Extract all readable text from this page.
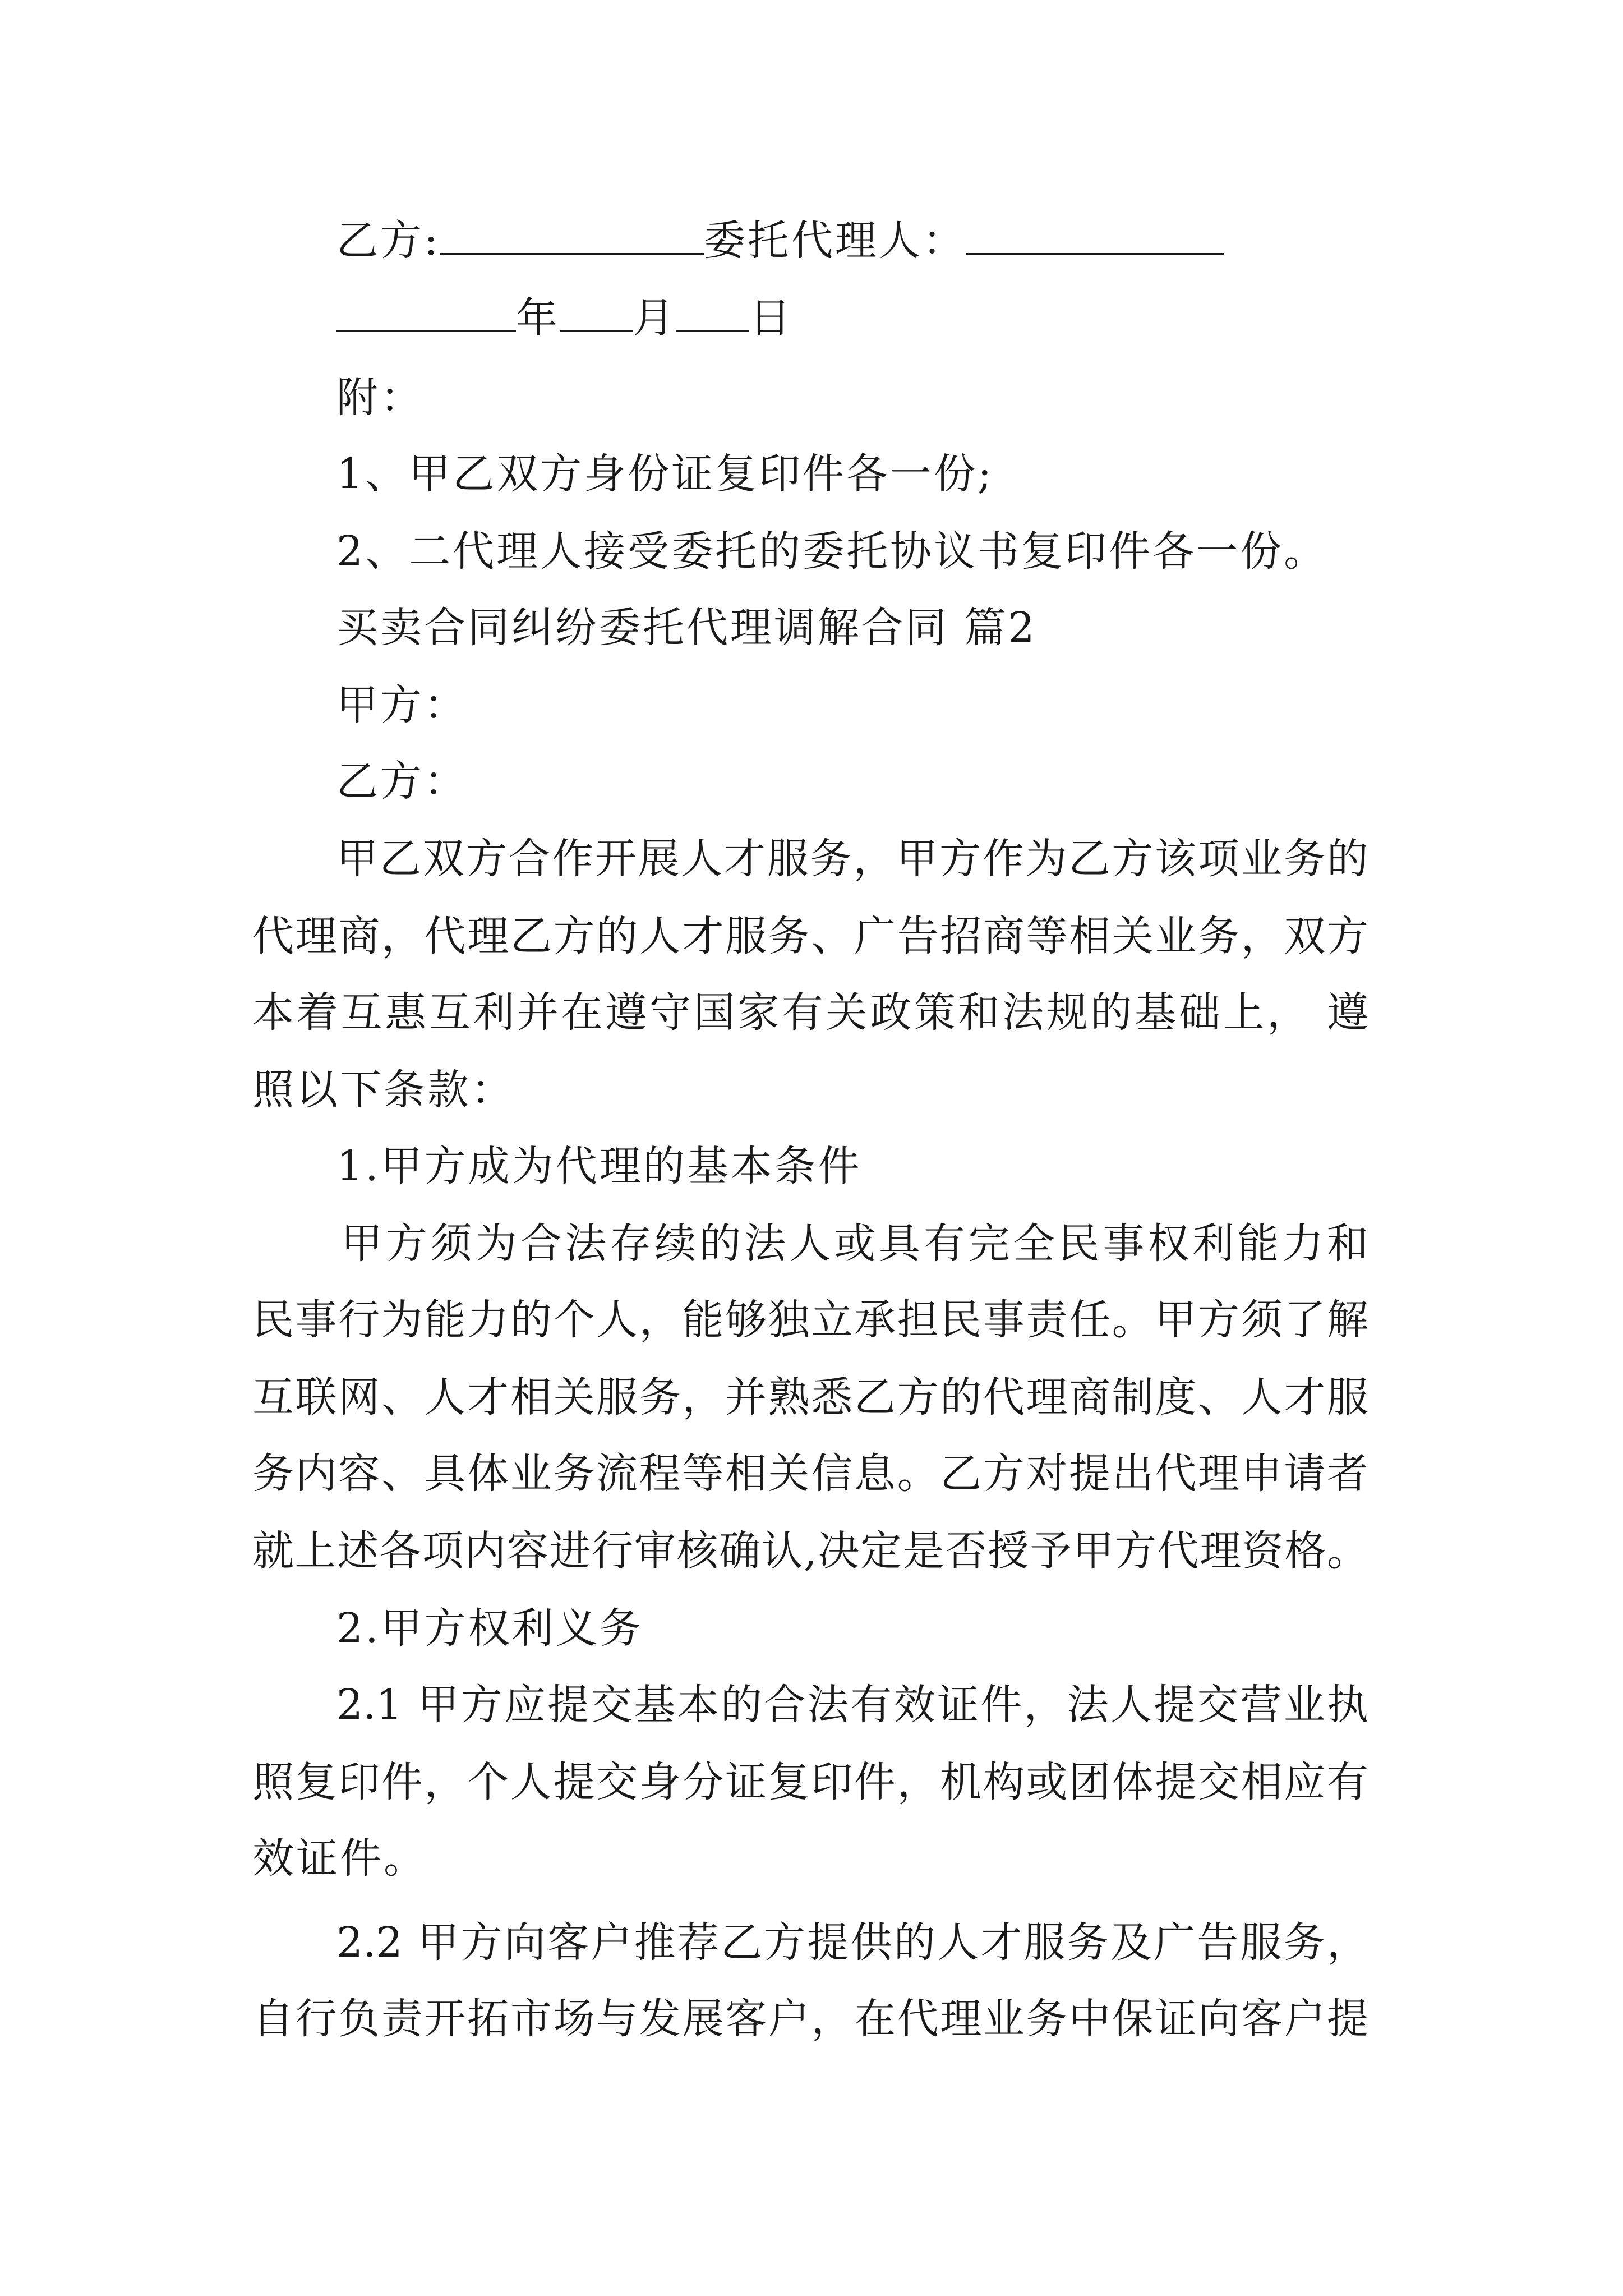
乙方:	委托代理人：
年 月 日
附：
1、甲乙双方身份证复印件各一份;
2、二代理人接受委托的委托协议书复印件各一份。
买卖合同纠纷委托代理调解合同 篇2
甲方：
乙方：
甲乙双方合作开展人才服务，甲方作为乙方该项业务的
代理商，代理乙方的人才服务、广告招商等相关业务，双方
本着互惠互利并在遵守国家有关政策和法规的基础上， 遵
照以下条款：
1.甲方成为代理的基本条件
甲方须为合法存续的法人或具有完全民事权利能力和
民事行为能力的个人，能够独立承担民事责任。甲方须了解
互联网、人才相关服务，并熟悉乙方的代理商制度、人才服
务内容、具体业务流程等相关信息。乙方对提出代理申请者
就上述各项内容进行审核确认,决定是否授予甲方代理资格。
2.甲方权利义务
2.1 甲方应提交基本的合法有效证件，法人提交营业执
照复印件，个人提交身分证复印件，机构或团体提交相应有
效证件。
2.2 甲方向客户推荐乙方提供的人才服务及广告服务，
自行负责开拓市场与发展客户，在代理业务中保证向客户提
